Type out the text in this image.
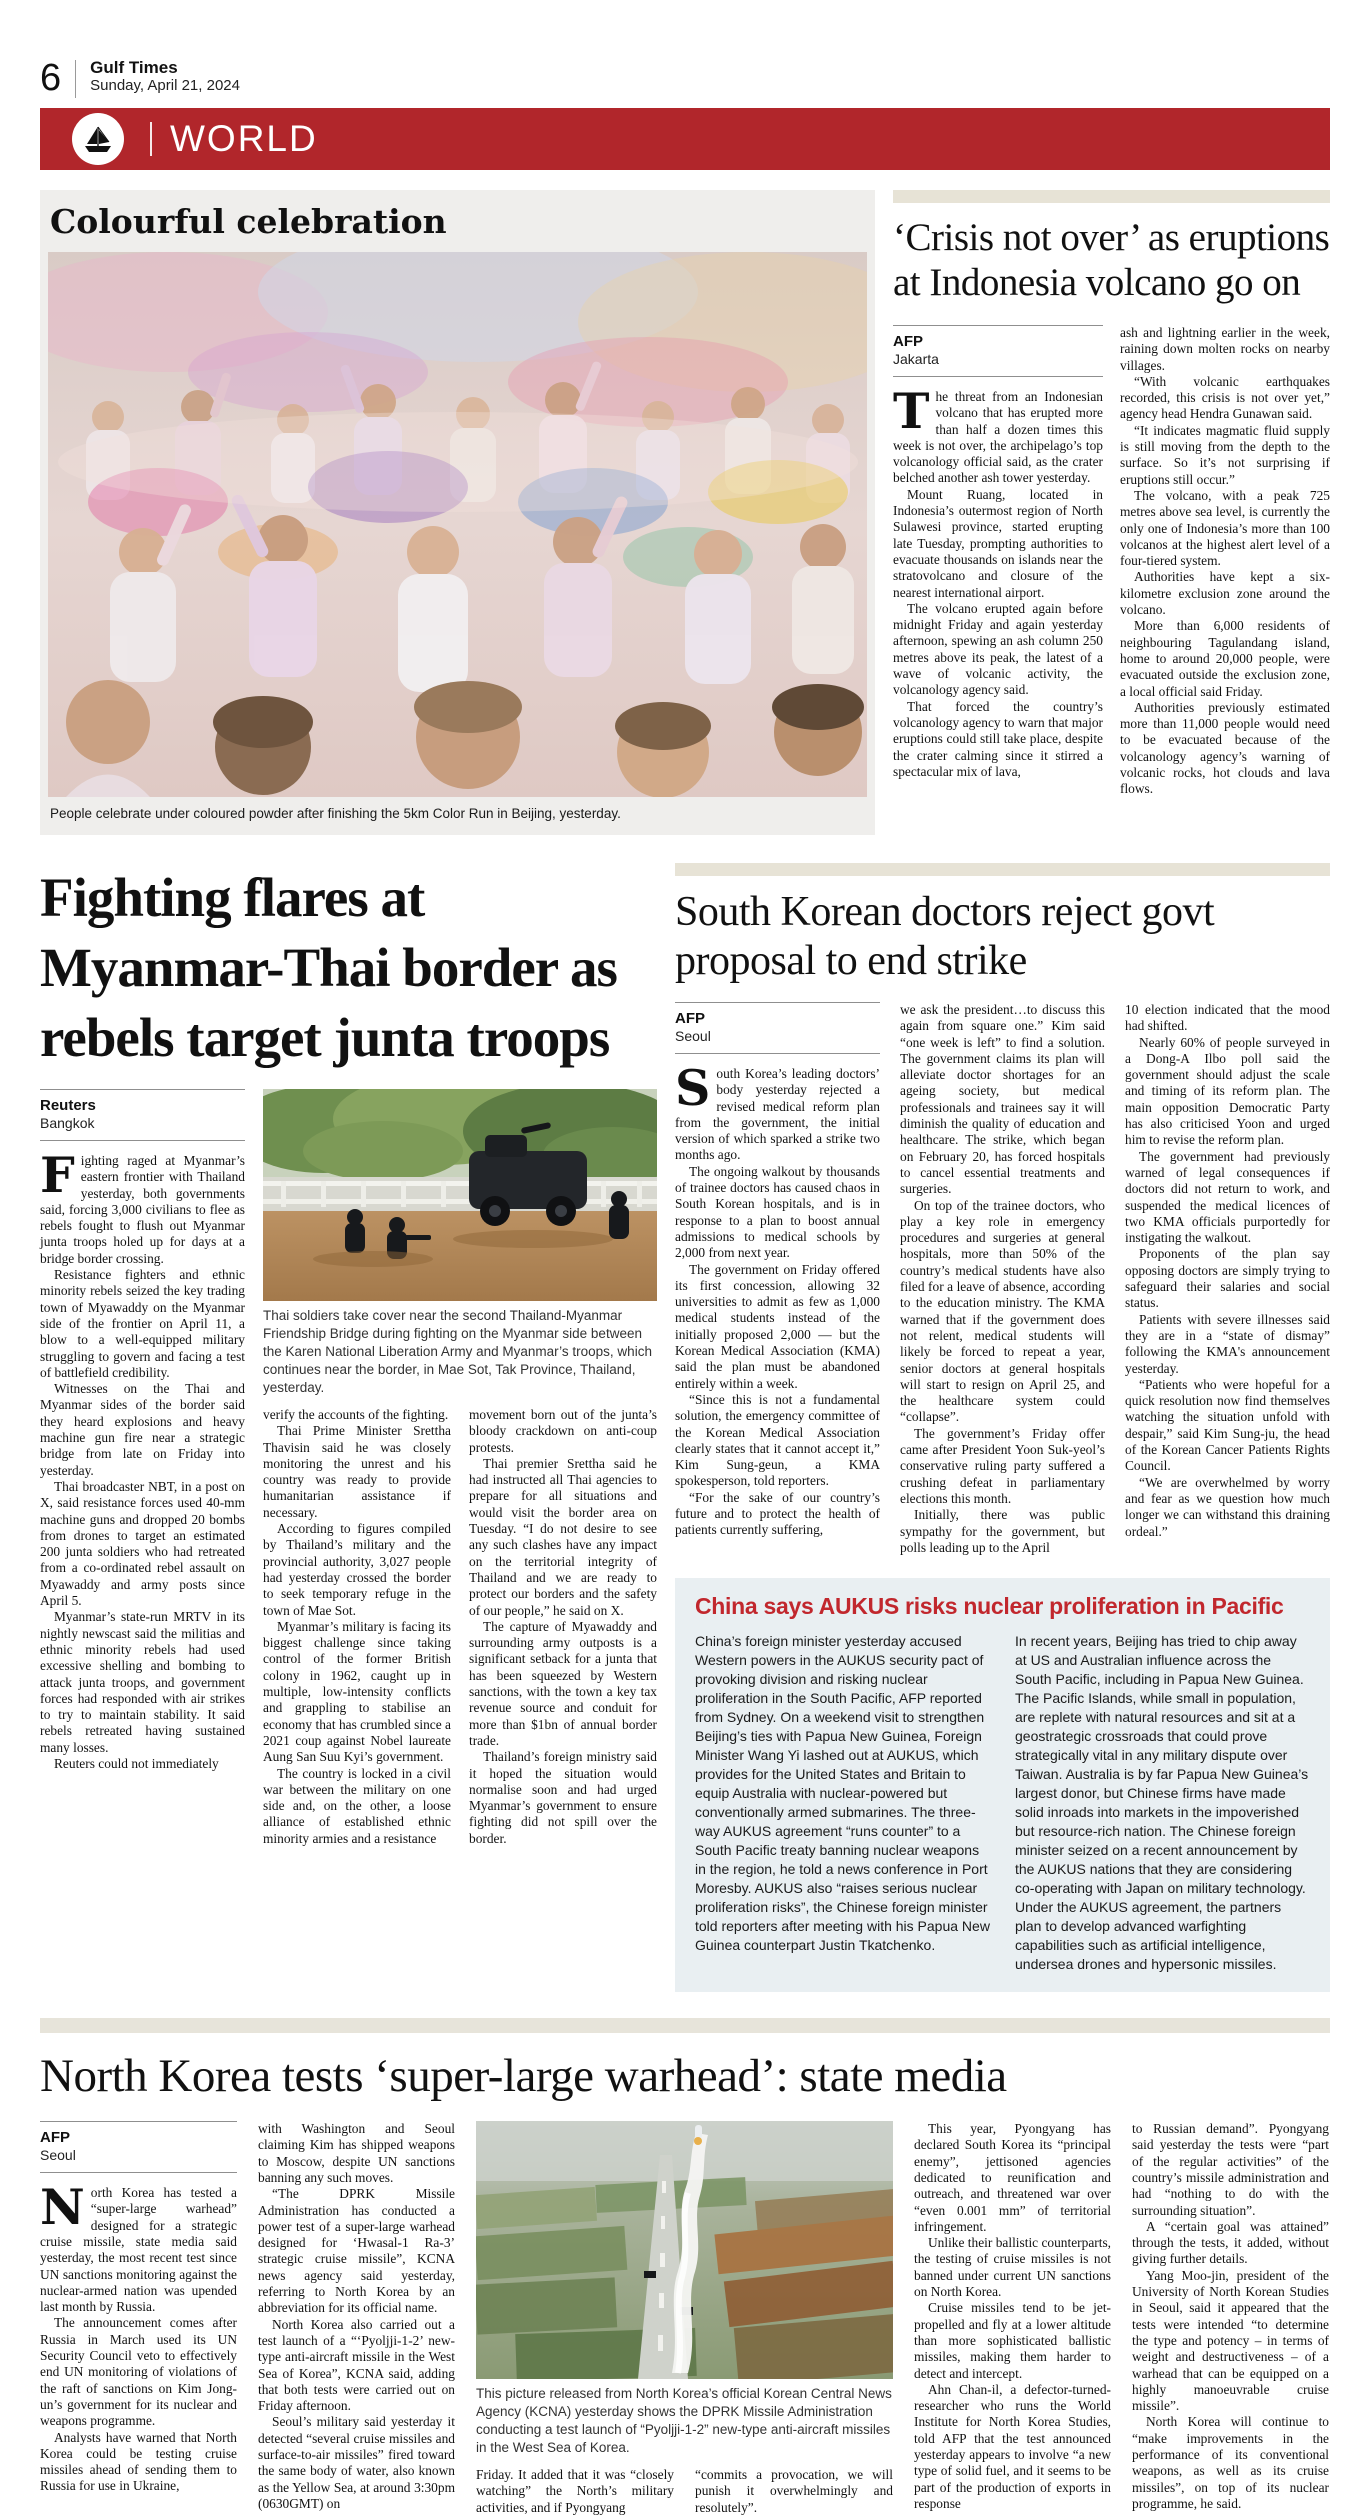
6 Gulf Times
Sunday, April 21, 2024
WORLD
Colourful celebration

People celebrate under coloured powder after finishing the 5km Color Run in Beijing, yesterday.

‘Crisis not over’ as eruptions at Indonesia volcano go on
AFP
Jakarta

The threat from an Indonesian volcano that has erupted more than half a dozen times this week is not over, the archipelago’s top volcanology official said, as the crater belched another ash tower yesterday.

Mount Ruang, located in Indonesia’s outermost region of North Sulawesi province, started erupting late Tuesday, prompting authorities to evacuate thousands on islands near the stratovolcano and closure of the nearest international airport.

The volcano erupted again before midnight Friday and again yesterday afternoon, spewing an ash column 250 metres above its peak, the latest of a wave of volcanic activity, the volcanology agency said.

That forced the country’s volcanology agency to warn that major eruptions could still take place, despite the crater calming since it stirred a spectacular mix of lava,

ash and lightning earlier in the week, raining down molten rocks on nearby villages.

“With volcanic earthquakes recorded, this crisis is not over yet,” agency head Hendra Gunawan said.

“It indicates magmatic fluid supply is still moving from the depth to the surface. So it’s not surprising if eruptions still occur.”

The volcano, with a peak 725 metres above sea level, is currently the only one of Indonesia’s more than 100 volcanos at the highest alert level of a four-tiered system.

Authorities have kept a six-kilometre exclusion zone around the volcano.

More than 6,000 residents of neighbouring Tagulandang island, home to around 20,000 people, were evacuated outside the exclusion zone, a local official said Friday.

Authorities previously estimated more than 11,000 people would need to be evacuated because of the volcanology agency’s warning of volcanic rocks, hot clouds and lava flows.

Fighting flares at Myanmar-Thai border as rebels target junta troops
Reuters
Bangkok

Fighting raged at Myanmar’s eastern frontier with Thailand yesterday, both governments said, forcing 3,000 civilians to flee as rebels fought to flush out Myanmar junta troops holed up for days at a bridge border crossing.

Resistance fighters and ethnic minority rebels seized the key trading town of Myawaddy on the Myanmar side of the frontier on April 11, a blow to a well-equipped military struggling to govern and facing a test of battlefield credibility.

Witnesses on the Thai and Myanmar sides of the border said they heard explosions and heavy machine gun fire near a strategic bridge from late on Friday into yesterday.

Thai broadcaster NBT, in a post on X, said resistance forces used 40-mm machine guns and dropped 20 bombs from drones to target an estimated 200 junta soldiers who had retreated from a co-ordinated rebel assault on Myawaddy and army posts since April 5.

Myanmar’s state-run MRTV in its nightly newscast said the militias and ethnic minority rebels had used excessive shelling and bombing to attack junta troops, and government forces had responded with air strikes to try to maintain stability. It said rebels retreated having sustained many losses.

Reuters could not immediately

Thai soldiers take cover near the second Thailand-Myanmar Friendship Bridge during fighting on the Myanmar side between the Karen National Liberation Army and Myanmar’s troops, which continues near the border, in Mae Sot, Tak Province, Thailand, yesterday.

verify the accounts of the fighting.

Thai Prime Minister Srettha Thavisin said he was closely monitoring the unrest and his country was ready to provide humanitarian assistance if necessary.

According to figures compiled by Thailand’s military and the provincial authority, 3,027 people had yesterday crossed the border to seek temporary refuge in the town of Mae Sot.

Myanmar’s military is facing its biggest challenge since taking control of the former British colony in 1962, caught up in multiple, low-intensity conflicts and grappling to stabilise an economy that has crumbled since a 2021 coup against Nobel laureate Aung San Suu Kyi’s government.

The country is locked in a civil war between the military on one side and, on the other, a loose alliance of established ethnic minority armies and a resistance

movement born out of the junta’s bloody crackdown on anti-coup protests.

Thai premier Srettha said he had instructed all Thai agencies to prepare for all situations and would visit the border area on Tuesday. “I do not desire to see any such clashes have any impact on the territorial integrity of Thailand and we are ready to protect our borders and the safety of our people,” he said on X.

The capture of Myawaddy and surrounding army outposts is a significant setback for a junta that has been squeezed by Western sanctions, with the town a key tax revenue source and conduit for more than $1bn of annual border trade.

Thailand’s foreign ministry said it hoped the situation would normalise soon and had urged Myanmar’s government to ensure fighting did not spill over the border.

South Korean doctors reject govt proposal to end strike
AFP
Seoul

South Korea’s leading doctors’ body yesterday rejected a revised medical reform plan from the government, the initial version of which sparked a strike two months ago.

The ongoing walkout by thousands of trainee doctors has caused chaos in South Korean hospitals, and is in response to a plan to boost annual admissions to medical schools by 2,000 from next year.

The government on Friday offered its first concession, allowing 32 universities to admit as few as 1,000 medical students instead of the initially proposed 2,000 — but the Korean Medical Association (KMA) said the plan must be abandoned entirely within a week.

“Since this is not a fundamental solution, the emergency committee of the Korean Medical Association clearly states that it cannot accept it,” Kim Sung-geun, a KMA spokesperson, told reporters.

“For the sake of our country’s future and to protect the health of patients currently suffering,

we ask the president…to discuss this again from square one.” Kim said “one week is left” to find a solution. The government claims its plan will alleviate doctor shortages for an ageing society, but medical professionals and trainees say it will diminish the quality of education and healthcare. The strike, which began on February 20, has forced hospitals to cancel essential treatments and surgeries.

On top of the trainee doctors, who play a key role in emergency procedures and surgeries at general hospitals, more than 50% of the country’s medical students have also filed for a leave of absence, according to the education ministry. The KMA warned that if the government does not relent, medical students will likely be forced to repeat a year, senior doctors at general hospitals will start to resign on April 25, and the healthcare system could “collapse”.

The government’s Friday offer came after President Yoon Suk-yeol’s conservative ruling party suffered a crushing defeat in parliamentary elections this month.

Initially, there was public sympathy for the government, but polls leading up to the April

10 election indicated that the mood had shifted.

Nearly 60% of people surveyed in a Dong-A Ilbo poll said the government should adjust the scale and timing of its reform plan. The main opposition Democratic Party has also criticised Yoon and urged him to revise the reform plan.

The government had previously warned of legal consequences if doctors did not return to work, and suspended the medical licences of two KMA officials purportedly for instigating the walkout.

Proponents of the plan say opposing doctors are simply trying to safeguard their salaries and social status.

Patients with severe illnesses said they are in a “state of dismay” following the KMA's announcement yesterday.

“Patients who were hopeful for a quick resolution now find themselves watching the situation unfold with despair,” said Kim Sung-ju, the head of the Korean Cancer Patients Rights Council.

“We are overwhelmed by worry and fear as we question how much longer we can withstand this draining ordeal.”

China says AUKUS risks nuclear proliferation in Pacific

China’s foreign minister yesterday accused Western powers in the AUKUS security pact of provoking division and risking nuclear proliferation in the South Pacific, AFP reported from Sydney. On a weekend visit to strengthen Beijing’s ties with Papua New Guinea, Foreign Minister Wang Yi lashed out at AUKUS, which provides for the United States and Britain to equip Australia with nuclear-powered but conventionally armed submarines. The three-way AUKUS agreement “runs counter” to a South Pacific treaty banning nuclear weapons in the region, he told a news conference in Port Moresby. AUKUS also “raises serious nuclear proliferation risks”, the Chinese foreign minister told reporters after meeting with his Papua New Guinea counterpart Justin Tkatchenko.

In recent years, Beijing has tried to chip away at US and Australian influence across the South Pacific, including in Papua New Guinea. The Pacific Islands, while small in population, are replete with natural resources and sit at a geostrategic crossroads that could prove strategically vital in any military dispute over Taiwan. Australia is by far Papua New Guinea’s largest donor, but Chinese firms have made solid inroads into markets in the impoverished but resource-rich nation. The Chinese foreign minister seized on a recent announcement by the AUKUS nations that they are considering co-operating with Japan on military technology. Under the AUKUS agreement, the partners plan to develop advanced warfighting capabilities such as artificial intelligence, undersea drones and hypersonic missiles.

North Korea tests ‘super-large warhead’: state media
AFP
Seoul

North Korea has tested a “super-large warhead” designed for a strategic cruise missile, state media said yesterday, the most recent test since UN sanctions monitoring against the nuclear-armed nation was upended last month by Russia.

The announcement comes after Russia in March used its UN Security Council veto to effectively end UN monitoring of violations of the raft of sanctions on Kim Jong-un’s government for its nuclear and weapons programme.

Analysts have warned that North Korea could be testing cruise missiles ahead of sending them to Russia for use in Ukraine,

with Washington and Seoul claiming Kim has shipped weapons to Moscow, despite UN sanctions banning any such moves.

“The DPRK Missile Administration has conducted a power test of a super-large warhead designed for ‘Hwasal-1 Ra-3’ strategic cruise missile”, KCNA news agency said yesterday, referring to North Korea by an abbreviation for its official name.

North Korea also carried out a test launch of a “‘Pyoljji-1-2’ new-type anti-aircraft missile in the West Sea of Korea”, KCNA said, adding that both tests were carried out on Friday afternoon.

Seoul’s military said yesterday it detected “several cruise missiles and surface-to-air missiles” fired toward the same body of water, also known as the Yellow Sea, at around 3:30pm (0630GMT) on

This picture released from North Korea’s official Korean Central News Agency (KCNA) yesterday shows the DPRK Missile Administration conducting a test launch of “Pyoljji-1-2” new-type anti-aircraft missiles in the West Sea of Korea.

Friday. It added that it was “closely watching” the North’s military activities, and if Pyongyang

“commits a provocation, we will punish it overwhelmingly and resolutely”.

This year, Pyongyang has declared South Korea its “principal enemy”, jettisoned agencies dedicated to reunification and outreach, and threatened war over “even 0.001 mm” of territorial infringement.

Unlike their ballistic counterparts, the testing of cruise missiles is not banned under current UN sanctions on North Korea.

Cruise missiles tend to be jet-propelled and fly at a lower altitude than more sophisticated ballistic missiles, making them harder to detect and intercept.

Ahn Chan-il, a defector-turned-researcher who runs the World Institute for North Korea Studies, told AFP that the test announced yesterday appears to involve “a new type of solid fuel, and it seems to be part of the production of exports in response

to Russian demand”. Pyongyang said yesterday the tests were “part of the regular activities” of the country’s missile administration and had “nothing to do with the surrounding situation”.

A “certain goal was attained” through the tests, it added, without giving further details.

Yang Moo-jin, president of the University of North Korean Studies in Seoul, said it appeared that the tests were intended “to determine the type and potency – in terms of weight and destructiveness – of a warhead that can be equipped on a highly manoeuvrable cruise missile”.

North Korea will continue to “make improvements in the performance of its conventional weapons, as well as its cruise missiles”, on top of its nuclear programme, he said.
